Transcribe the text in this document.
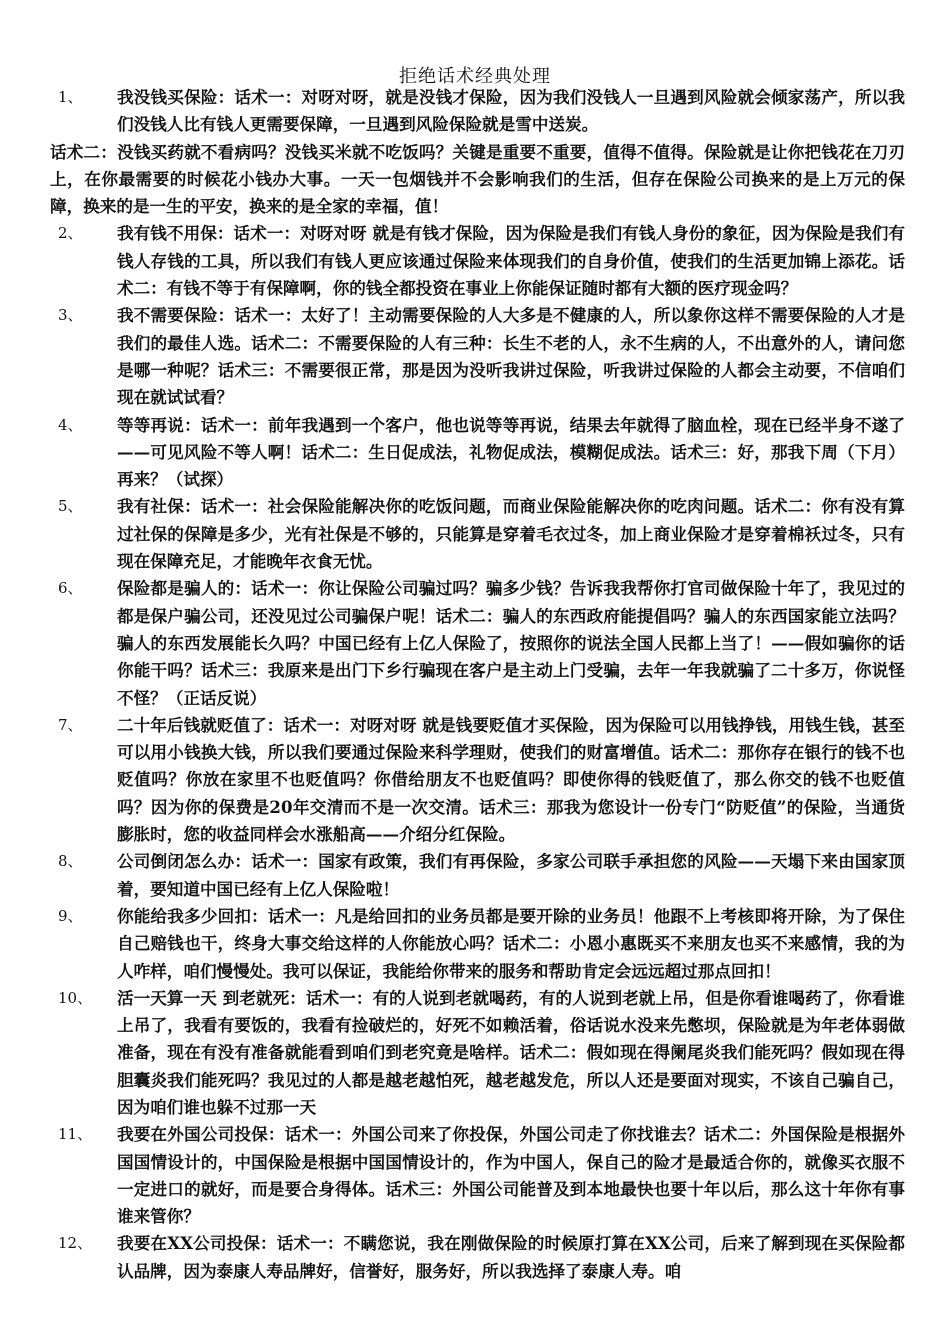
拒绝话术经典处理
1、 我没钱买保险：话术一：对呀对呀，就是没钱才保险，因为我们没钱人一旦遇到风险就会倾家荡产，所以我们没钱人比有钱人更需要保障，一旦遇到风险保险就是雪中送炭。
话术二：没钱买药就不看病吗？没钱买米就不吃饭吗？关键是重要不重要，值得不值得。保险就是让你把钱花在刀刃上，在你最需要的时候花小钱办大事。一天一包烟钱并不会影响我们的生活，但存在保险公司换来的是上万元的保障，换来的是一生的平安，换来的是全家的幸福，值！
2、 我有钱不用保：话术一：对呀对呀 就是有钱才保险，因为保险是我们有钱人身份的象征，因为保险是我们有钱人存钱的工具，所以我们有钱人更应该通过保险来体现我们的自身价值，使我们的生活更加锦上添花。话术二：有钱不等于有保障啊，你的钱全都投资在事业上你能保证随时都有大额的医疗现金吗？
3、 我不需要保险：话术一：太好了！主动需要保险的人大多是不健康的人，所以象你这样不需要保险的人才是我们的最佳人选。话术二：不需要保险的人有三种：长生不老的人，永不生病的人，不出意外的人，请问您是哪一种呢？话术三：不需要很正常，那是因为没听我讲过保险，听我讲过保险的人都会主动要，不信咱们现在就试试看？
4、 等等再说：话术一：前年我遇到一个客户，他也说等等再说，结果去年就得了脑血栓，现在已经半身不遂了——可见风险不等人啊！话术二：生日促成法，礼物促成法，模糊促成法。话术三：好，那我下周（下月）再来？（试探）
5、 我有社保：话术一：社会保险能解决你的吃饭问题，而商业保险能解决你的吃肉问题。话术二：你有没有算过社保的保障是多少，光有社保是不够的，只能算是穿着毛衣过冬，加上商业保险才是穿着棉袄过冬，只有现在保障充足，才能晚年衣食无忧。
6、 保险都是骗人的：话术一：你让保险公司骗过吗？骗多少钱？告诉我我帮你打官司做保险十年了，我见过的都是保户骗公司，还没见过公司骗保户呢！话术二：骗人的东西政府能提倡吗？骗人的东西国家能立法吗？骗人的东西发展能长久吗？中国已经有上亿人保险了，按照你的说法全国人民都上当了！——假如骗你的话你能干吗？话术三：我原来是出门下乡行骗现在客户是主动上门受骗，去年一年我就骗了二十多万，你说怪不怪？（正话反说）
7、 二十年后钱就贬值了：话术一：对呀对呀 就是钱要贬值才买保险，因为保险可以用钱挣钱，用钱生钱，甚至可以用小钱换大钱，所以我们要通过保险来科学理财，使我们的财富增值。话术二：那你存在银行的钱不也贬值吗？你放在家里不也贬值吗？你借给朋友不也贬值吗？即使你得的钱贬值了，那么你交的钱不也贬值吗？因为你的保费是20年交清而不是一次交清。话术三：那我为您设计一份专门“防贬值”的保险，当通货膨胀时，您的收益同样会水涨船高——介绍分红保险。
8、 公司倒闭怎么办：话术一：国家有政策，我们有再保险，多家公司联手承担您的风险——天塌下来由国家顶着，要知道中国已经有上亿人保险啦！
9、 你能给我多少回扣：话术一：凡是给回扣的业务员都是要开除的业务员！他跟不上考核即将开除，为了保住自己赔钱也干，终身大事交给这样的人你能放心吗？话术二：小恩小惠既买不来朋友也买不来感情，我的为人咋样，咱们慢慢处。我可以保证，我能给你带来的服务和帮助肯定会远远超过那点回扣！
10、 活一天算一天 到老就死：话术一：有的人说到老就喝药，有的人说到老就上吊，但是你看谁喝药了，你看谁上吊了，我看有要饭的，我看有捡破烂的，好死不如赖活着，俗话说水没来先憋坝，保险就是为年老体弱做准备，现在有没有准备就能看到咱们到老究竟是啥样。话术二：假如现在得阑尾炎我们能死吗？假如现在得胆囊炎我们能死吗？我见过的人都是越老越怕死，越老越发危，所以人还是要面对现实，不该自己骗自己，因为咱们谁也躲不过那一天
11、 我要在外国公司投保：话术一：外国公司来了你投保，外国公司走了你找谁去？话术二：外国保险是根据外国国情设计的，中国保险是根据中国国情设计的，作为中国人，保自己的险才是最适合你的，就像买衣服不一定进口的就好，而是要合身得体。话术三：外国公司能普及到本地最快也要十年以后，那么这十年你有事谁来管你？
12、 我要在XX公司投保：话术一：不瞒您说，我在刚做保险的时候原打算在XX公司，后来了解到现在买保险都认品牌，因为泰康人寿品牌好，信誉好，服务好，所以我选择了泰康人寿。咱
